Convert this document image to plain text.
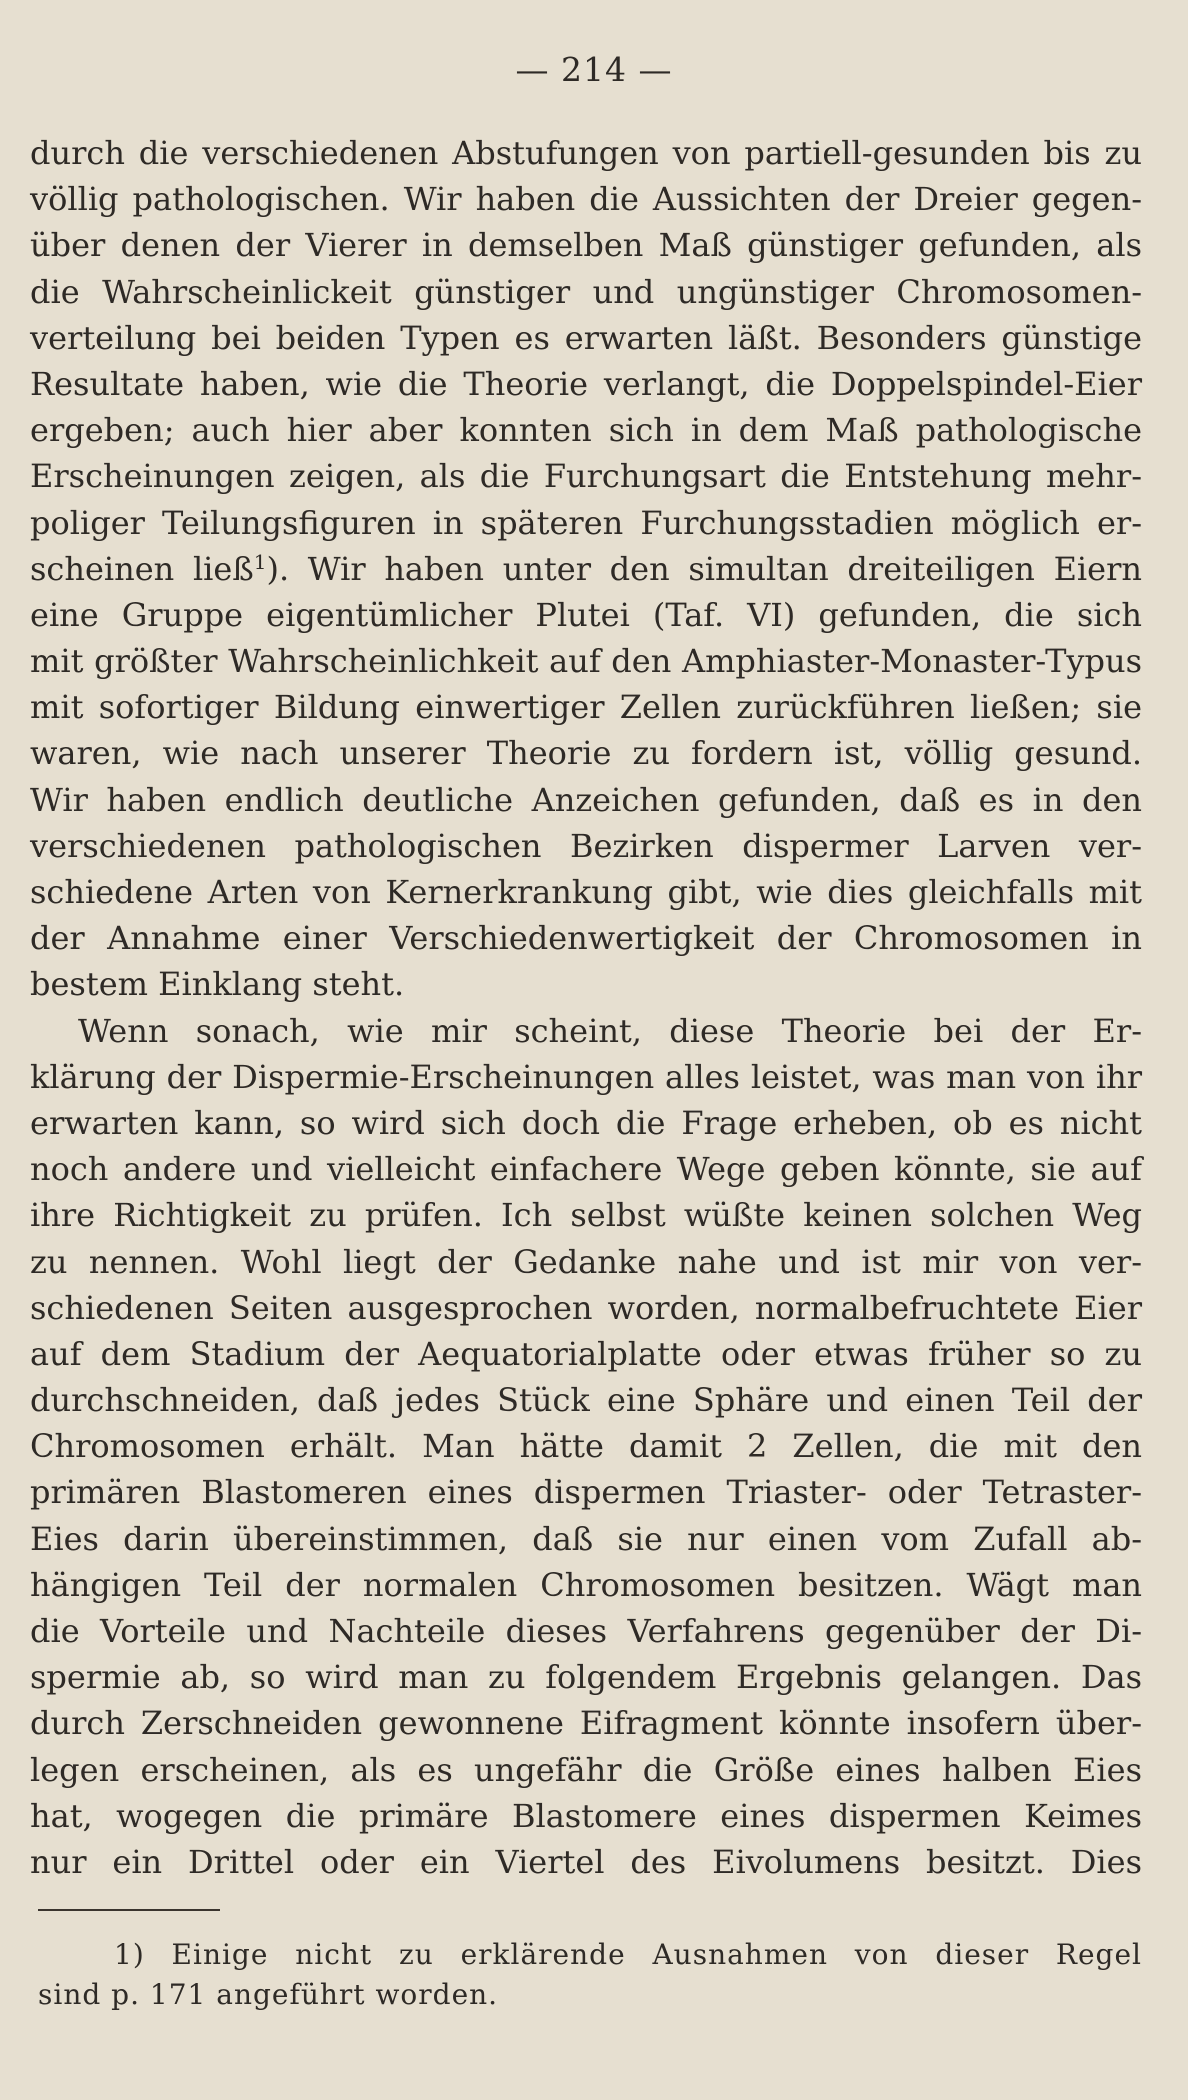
— 214 —
durch die verschiedenen Abstufungen von partiell-gesunden bis zu
völlig pathologischen. Wir haben die Aussichten der Dreier gegen-
über denen der Vierer in demselben Maß günstiger gefunden, als
die Wahrscheinlickeit günstiger und ungünstiger Chromosomen-
verteilung bei beiden Typen es erwarten läßt. Besonders günstige
Resultate haben, wie die Theorie verlangt, die Doppelspindel-Eier
ergeben; auch hier aber konnten sich in dem Maß pathologische
Erscheinungen zeigen, als die Furchungsart die Entstehung mehr-
poliger Teilungsfiguren in späteren Furchungsstadien möglich er-
scheinen ließ$^1$). Wir haben unter den simultan dreiteiligen Eiern
eine Gruppe eigentümlicher Plutei (Taf. VI) gefunden, die sich
mit größter Wahrscheinlichkeit auf den Amphiaster-Monaster-Typus
mit sofortiger Bildung einwertiger Zellen zurückführen ließen; sie
waren, wie nach unserer Theorie zu fordern ist, völlig gesund.
Wir haben endlich deutliche Anzeichen gefunden, daß es in den
verschiedenen pathologischen Bezirken dispermer Larven ver-
schiedene Arten von Kernerkrankung gibt, wie dies gleichfalls mit
der Annahme einer Verschiedenwertigkeit der Chromosomen in
bestem Einklang steht.
Wenn sonach, wie mir scheint, diese Theorie bei der Er-
klärung der Dispermie-Erscheinungen alles leistet, was man von ihr
erwarten kann, so wird sich doch die Frage erheben, ob es nicht
noch andere und vielleicht einfachere Wege geben könnte, sie auf
ihre Richtigkeit zu prüfen. Ich selbst wüßte keinen solchen Weg
zu nennen. Wohl liegt der Gedanke nahe und ist mir von ver-
schiedenen Seiten ausgesprochen worden, normalbefruchtete Eier
auf dem Stadium der Aequatorialplatte oder etwas früher so zu
durchschneiden, daß jedes Stück eine Sphäre und einen Teil der
Chromosomen erhält. Man hätte damit 2 Zellen, die mit den
primären Blastomeren eines dispermen Triaster- oder Tetraster-
Eies darin übereinstimmen, daß sie nur einen vom Zufall ab-
hängigen Teil der normalen Chromosomen besitzen. Wägt man
die Vorteile und Nachteile dieses Verfahrens gegenüber der Di-
spermie ab, so wird man zu folgendem Ergebnis gelangen. Das
durch Zerschneiden gewonnene Eifragment könnte insofern über-
legen erscheinen, als es ungefähr die Größe eines halben Eies
hat, wogegen die primäre Blastomere eines dispermen Keimes
nur ein Drittel oder ein Viertel des Eivolumens besitzt. Dies
1) Einige nicht zu erklärende Ausnahmen von dieser Regel
sind p. 171 angeführt worden.
